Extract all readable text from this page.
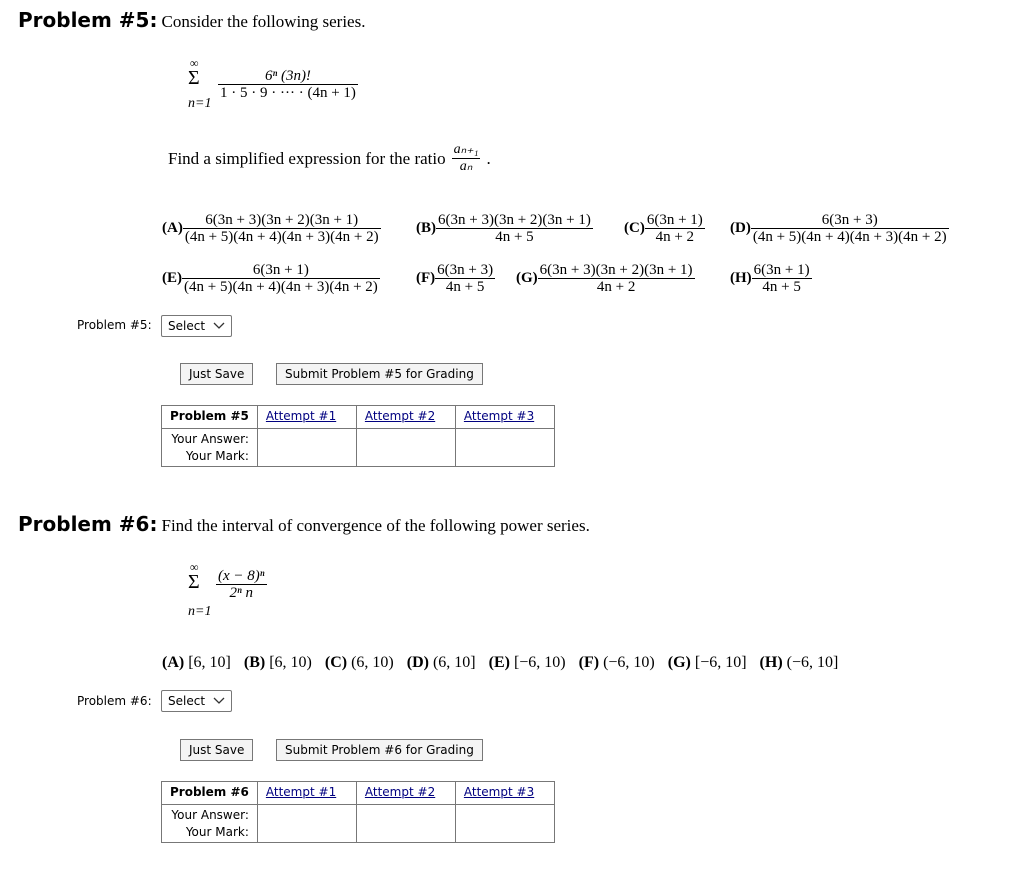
Problem #5: Consider the following series.
∞
Σ
n=1
6ⁿ (3n)!
1 · 5 · 9 · ··· · (4n + 1)
Find a simplified expression for the ratio $\frac{\text{aₙ₊₁}}{\text{aₙ}}$ .
$(A) \frac{6(3n + 3)(3n + 2)(3n + 1)}{(4n + 5)(4n + 4)(4n + 3)(4n + 2)} (B) \frac{6(3n + 3)(3n + 2)(3n + 1)}{4n + 5} (C) \frac{6(3n + 1)}{4n + 2} (D) \frac{6(3n + 3)}{(4n + 5)(4n + 4)(4n + 3)(4n + 2)}$
$(E) \frac{6(3n + 1)}{(4n + 5)(4n + 4)(4n + 3)(4n + 2)} (F) \frac{6(3n + 3)}{4n + 5} (G) \frac{6(3n + 3)(3n + 2)(3n + 1)}{4n + 2} (H) \frac{6(3n + 1)}{4n + 5}$
Problem #5: Select
Just Save	Submit Problem #5 for Grading
Problem #5	Attempt #1	Attempt #2	Attempt #3
Your Answer:			
Your Mark:			
Problem #6: Find the interval of convergence of the following power series.
∞
Σ
n=1
(x − 8)ⁿ
2ⁿ n
(A) [6, 10] (B) [6, 10) (C) (6, 10) (D) (6, 10] (E) [−6, 10) (F) (−6, 10) (G) [−6, 10] (H) (−6, 10]
Problem #6: Select
Just Save	Submit Problem #6 for Grading
Problem #6	Attempt #1	Attempt #2	Attempt #3
Your Answer:			
Your Mark:			
